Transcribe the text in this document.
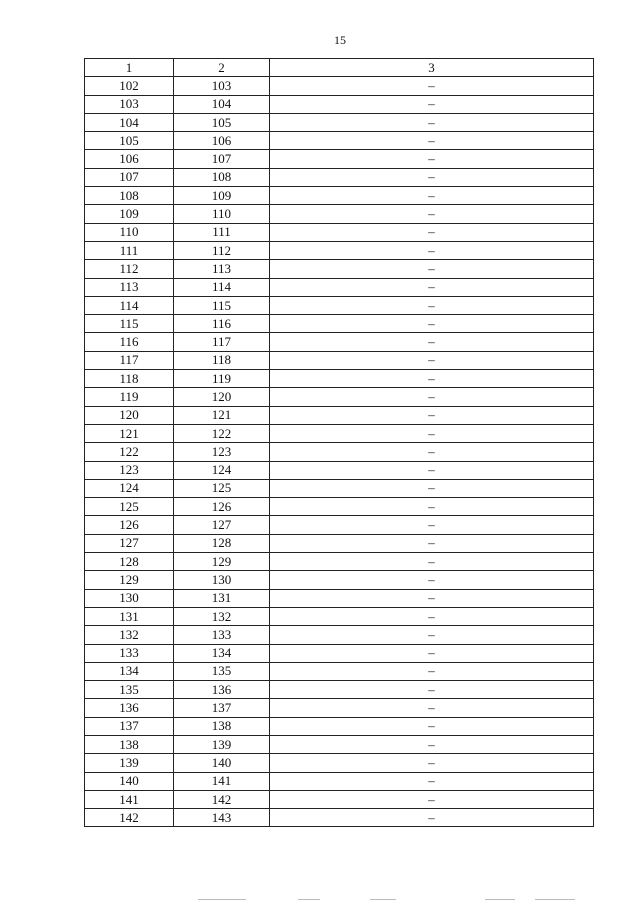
15
1	2	3
102	103	–
103	104	–
104	105	–
105	106	–
106	107	–
107	108	–
108	109	–
109	110	–
110	111	–
111	112	–
112	113	–
113	114	–
114	115	–
115	116	–
116	117	–
117	118	–
118	119	–
119	120	–
120	121	–
121	122	–
122	123	–
123	124	–
124	125	–
125	126	–
126	127	–
127	128	–
128	129	–
129	130	–
130	131	–
131	132	–
132	133	–
133	134	–
134	135	–
135	136	–
136	137	–
137	138	–
138	139	–
139	140	–
140	141	–
141	142	–
142	143	–
